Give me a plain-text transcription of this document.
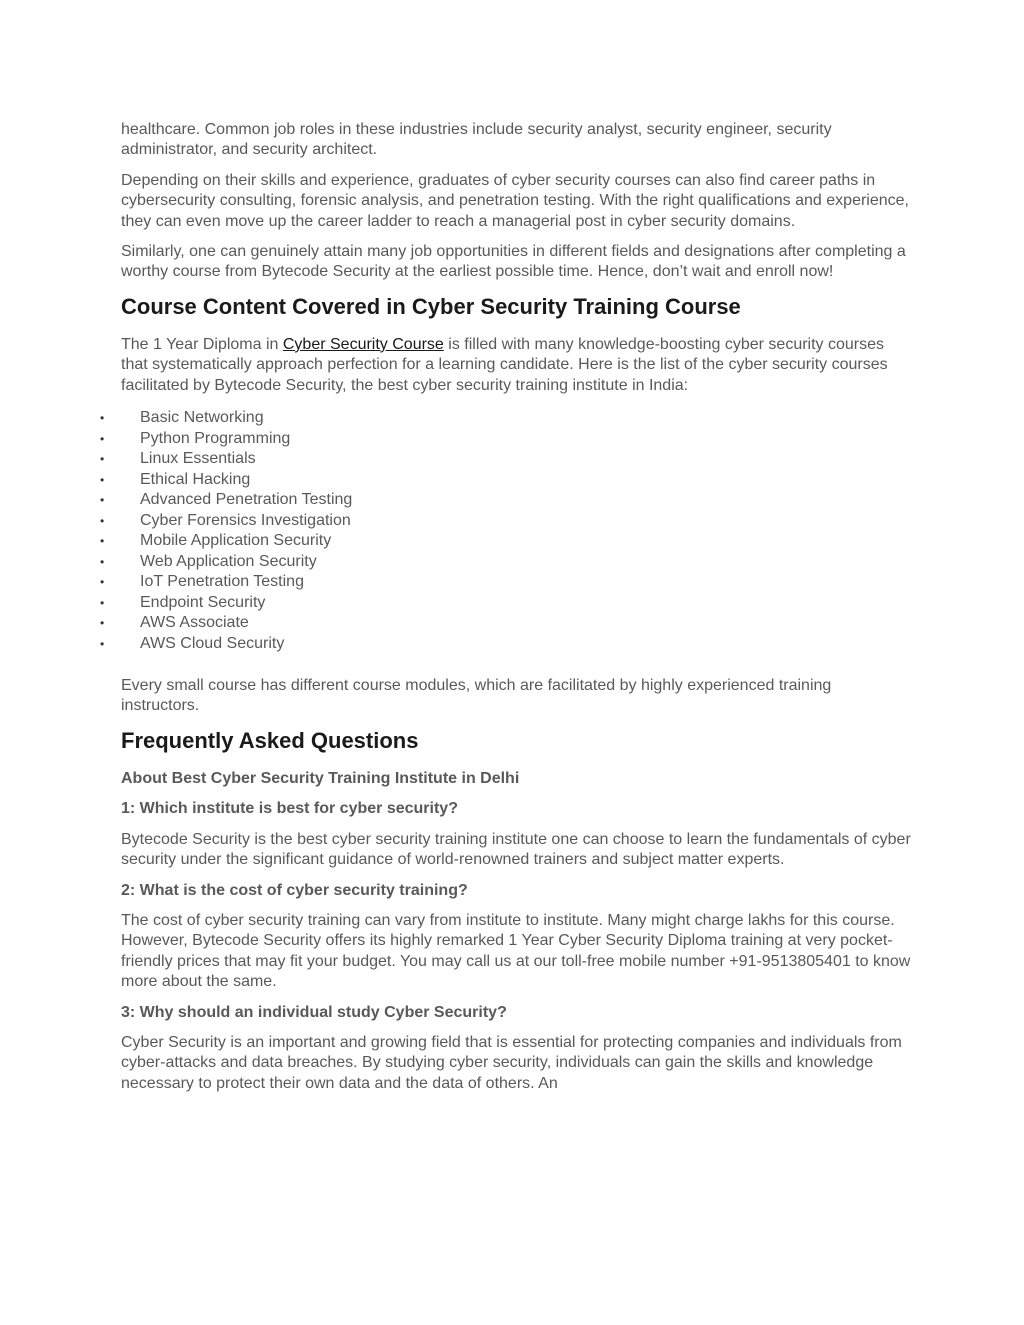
healthcare. Common job roles in these industries include security analyst, security engineer, security administrator, and security architect.

Depending on their skills and experience, graduates of cyber security courses can also find career paths in cybersecurity consulting, forensic analysis, and penetration testing. With the right qualifications and experience, they can even move up the career ladder to reach a managerial post in cyber security domains.

Similarly, one can genuinely attain many job opportunities in different fields and designations after completing a worthy course from Bytecode Security at the earliest possible time. Hence, don’t wait and enroll now!

Course Content Covered in Cyber Security Training Course

The 1 Year Diploma in Cyber Security Course is filled with many knowledge-boosting cyber security courses that systematically approach perfection for a learning candidate. Here is the list of the cyber security courses facilitated by Bytecode Security, the best cyber security training institute in India:

•	Basic Networking
•	Python Programming
•	Linux Essentials
•	Ethical Hacking
•	Advanced Penetration Testing
•	Cyber Forensics Investigation
•	Mobile Application Security
•	Web Application Security
•	IoT Penetration Testing
•	Endpoint Security
•	AWS Associate
•	AWS Cloud Security

Every small course has different course modules, which are facilitated by highly experienced training instructors.

Frequently Asked Questions

About Best Cyber Security Training Institute in Delhi

1: Which institute is best for cyber security?

Bytecode Security is the best cyber security training institute one can choose to learn the fundamentals of cyber security under the significant guidance of world-renowned trainers and subject matter experts.

2: What is the cost of cyber security training?

The cost of cyber security training can vary from institute to institute. Many might charge lakhs for this course. However, Bytecode Security offers its highly remarked 1 Year Cyber Security Diploma training at very pocket-friendly prices that may fit your budget. You may call us at our toll-free mobile number +91-9513805401 to know more about the same.

3: Why should an individual study Cyber Security?

Cyber Security is an important and growing field that is essential for protecting companies and individuals from cyber-attacks and data breaches. By studying cyber security, individuals can gain the skills and knowledge necessary to protect their own data and the data of others. An
